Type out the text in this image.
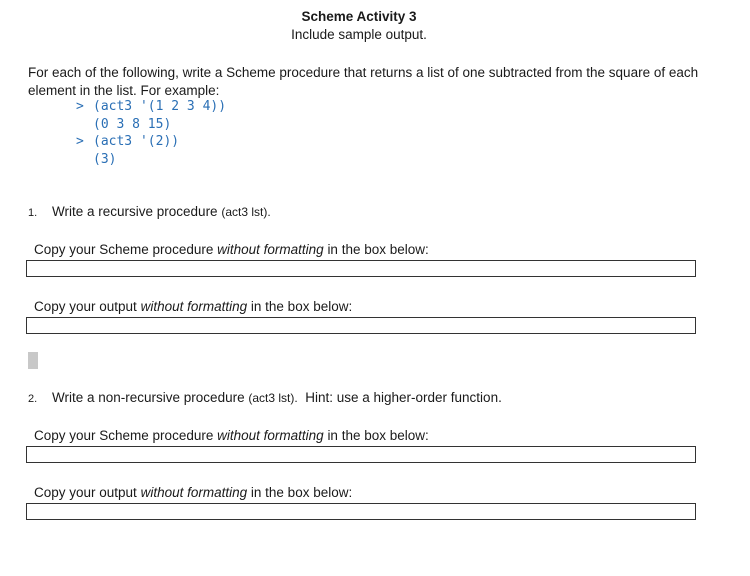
Scheme Activity 3
Include sample output.
For each of the following, write a Scheme procedure that returns a list of one subtracted from the square of each element in the list. For example:
> (act3 '(1 2 3 4))
(0 3 8 15)
> (act3 '(2))
(3)
1. Write a recursive procedure (act3 lst).
Copy your Scheme procedure without formatting in the box below:
Copy your output without formatting in the box below:
2. Write a non-recursive procedure (act3 lst). Hint: use a higher-order function.
Copy your Scheme procedure without formatting in the box below:
Copy your output without formatting in the box below:
